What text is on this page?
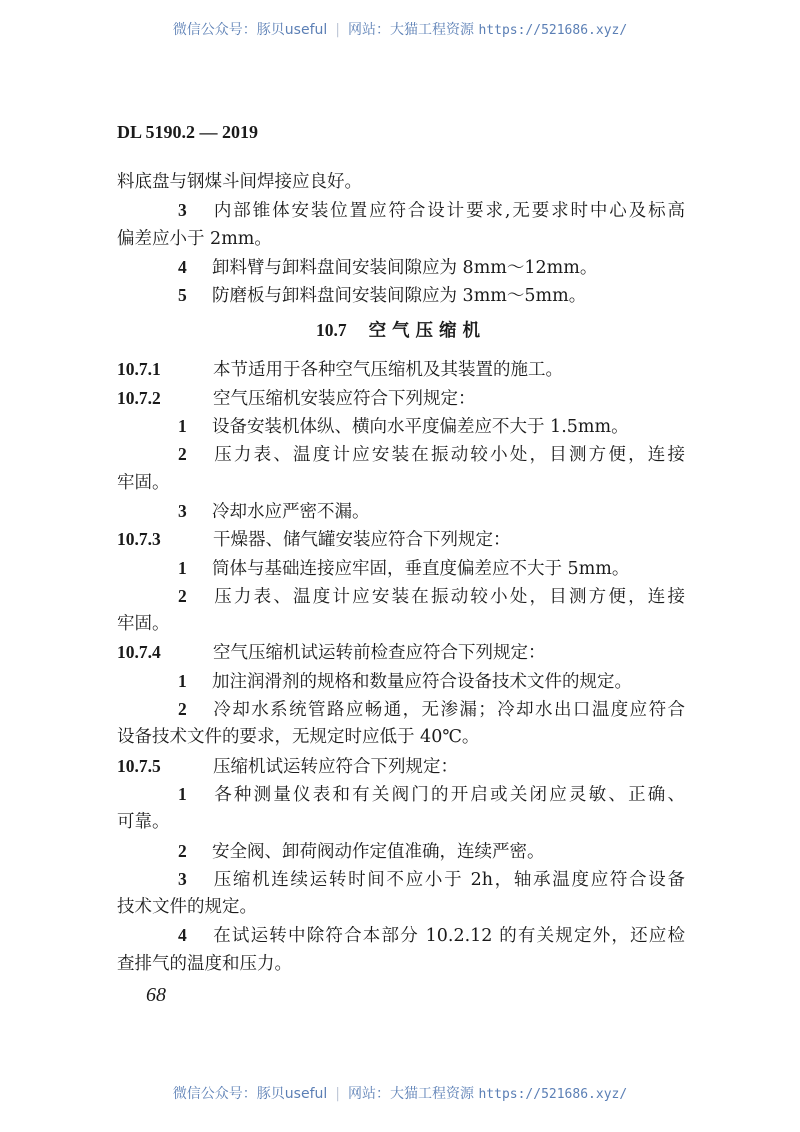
微信公众号：豚贝useful | 网站：大猫工程资源 https://521686.xyz/
DL 5190.2 — 2019
料底盘与钢煤斗间焊接应良好。
3 内部锥体安装位置应符合设计要求,无要求时中心及标高
偏差应小于 2mm。
4 卸料臂与卸料盘间安装间隙应为 8mm～12mm。
5 防磨板与卸料盘间安装间隙应为 3mm～5mm。
10.7 空气压缩机
10.7.1	本节适用于各种空气压缩机及其装置的施工。
10.7.2	空气压缩机安装应符合下列规定：
1 设备安装机体纵、横向水平度偏差应不大于 1.5mm。
2 压力表、温度计应安装在振动较小处，目测方便，连接
牢固。
3 冷却水应严密不漏。
10.7.3	干燥器、储气罐安装应符合下列规定：
1 筒体与基础连接应牢固，垂直度偏差应不大于 5mm。
2 压力表、温度计应安装在振动较小处，目测方便，连接
牢固。
10.7.4	空气压缩机试运转前检查应符合下列规定：
1 加注润滑剂的规格和数量应符合设备技术文件的规定。
2 冷却水系统管路应畅通，无渗漏；冷却水出口温度应符合
设备技术文件的要求，无规定时应低于 40℃。
10.7.5	压缩机试运转应符合下列规定：
1 各种测量仪表和有关阀门的开启或关闭应灵敏、正确、
可靠。
2 安全阀、卸荷阀动作定值准确，连续严密。
3 压缩机连续运转时间不应小于 2h，轴承温度应符合设备
技术文件的规定。
4 在试运转中除符合本部分 10.2.12 的有关规定外，还应检
查排气的温度和压力。
68
微信公众号：豚贝useful | 网站：大猫工程资源 https://521686.xyz/
